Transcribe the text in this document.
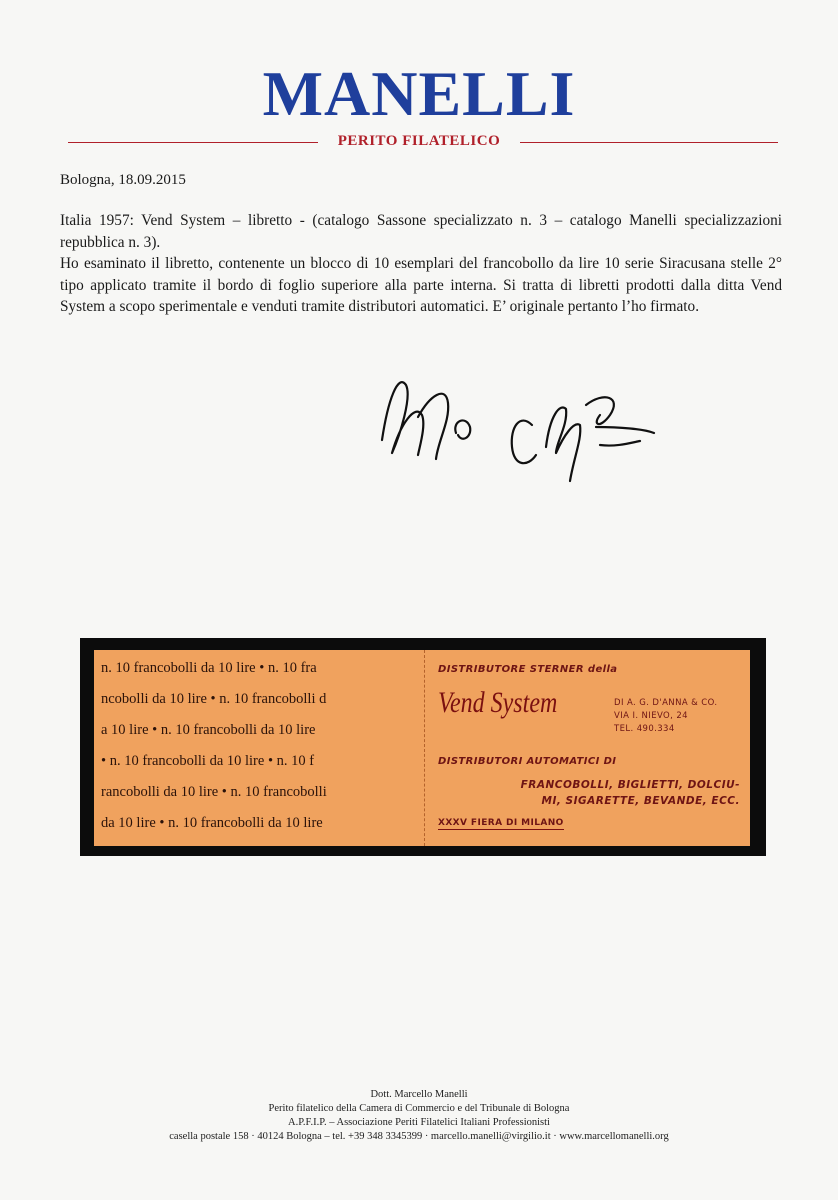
MANELLI
PERITO FILATELICO
Bologna, 18.09.2015

Italia 1957: Vend System – libretto - (catalogo Sassone specializzato n. 3 – catalogo Manelli specializzazioni repubblica n. 3).

Ho esaminato il libretto, contenente un blocco di 10 esemplari del francobollo da lire 10 serie Siracusana stelle 2° tipo applicato tramite il bordo di foglio superiore alla parte interna. Si tratta di libretti prodotti dalla ditta Vend System a scopo sperimentale e venduti tramite distributori automatici. E’ originale pertanto l’ho firmato.

n. 10 francobolli da 10 lire • n. 10 fra
ncobolli da 10 lire • n. 10 francobolli d
a 10 lire • n. 10 francobolli da 10 lire
• n. 10 francobolli da 10 lire • n. 10 f
rancobolli da 10 lire • n. 10 francobolli
da 10 lire • n. 10 francobolli da 10 lire
DISTRIBUTORE STERNER della
Vend System	DI A. G. D'ANNA & CO.
VIA I. NIEVO, 24
TEL. 490.334
DISTRIBUTORI AUTOMATICI DI
FRANCOBOLLI, BIGLIETTI, DOLCIU-
MI, SIGARETTE, BEVANDE, ECC.
XXXV FIERA DI MILANO
Dott. Marcello Manelli
Perito filatelico della Camera di Commercio e del Tribunale di Bologna
A.P.F.I.P. – Associazione Periti Filatelici Italiani Professionisti
casella postale 158 · 40124 Bologna – tel. +39 348 3345399 · marcello.manelli@virgilio.it · www.marcellomanelli.org
